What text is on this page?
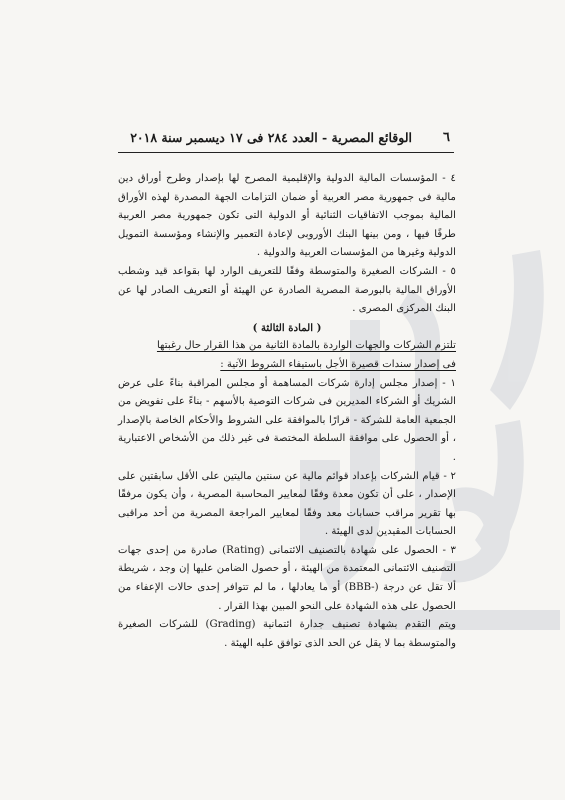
٦
الوقائع المصرية - العدد ٢٨٤ فى ١٧ ديسمبر سنة ٢٠١٨

٤ - المؤسسات المالية الدولية والإقليمية المصرح لها بإصدار وطرح أوراق دين مالية فى جمهورية مصر العربية أو ضمان التزامات الجهة المصدرة لهذه الأوراق المالية بموجب الاتفاقيات الثنائية أو الدولية التى تكون جمهورية مصر العربية طرفًا فيها ، ومن بينها البنك الأوروبى لإعادة التعمير والإنشاء ومؤسسة التمويل الدولية وغيرها من المؤسسات العربية والدولية .

٥ - الشركات الصغيرة والمتوسطة وفقًا للتعريف الوارد لها بقواعد قيد وشطب الأوراق المالية بالبورصة المصرية الصادرة عن الهيئة أو التعريف الصادر لها عن البنك المركزى المصرى .

( المادة الثالثة )

تلتزم الشركات والجهات الواردة بالمادة الثانية من هذا القرار حال رغبتها

فى إصدار سندات قصيرة الأجل باستيفاء الشروط الآتية :

١ - إصدار مجلس إدارة شركات المساهمة أو مجلس المراقبة بناءً على عرض الشريك أو الشركاء المديرين فى شركات التوصية بالأسهم - بناءً على تفويض من الجمعية العامة للشركة - قرارًا بالموافقة على الشروط والأحكام الخاصة بالإصدار ، أو الحصول على موافقة السلطة المختصة فى غير ذلك من الأشخاص الاعتبارية .

٢ - قيام الشركات بإعداد قوائم مالية عن سنتين ماليتين على الأقل سابقتين على الإصدار ، على أن تكون معدة وفقًا لمعايير المحاسبة المصرية ، وأن يكون مرفقًا بها تقرير مراقب حسابات معد وفقًا لمعايير المراجعة المصرية من أحد مراقبى الحسابات المقيدين لدى الهيئة .

٣ - الحصول على شهادة بالتصنيف الائتمانى (Rating) صادرة من إحدى جهات التصنيف الائتمانى المعتمدة من الهيئة ، أو حصول الضامن عليها إن وجد ، شريطة ألا تقل عن درجة (-BBB) أو ما يعادلها ، ما لم تتوافر إحدى حالات الإعفاء من الحصول على هذه الشهادة على النحو المبين بهذا القرار .

ويتم التقدم بشهادة تصنيف جدارة ائتمانية (Grading) للشركات الصغيرة والمتوسطة بما لا يقل عن الحد الذى توافق عليه الهيئة .
